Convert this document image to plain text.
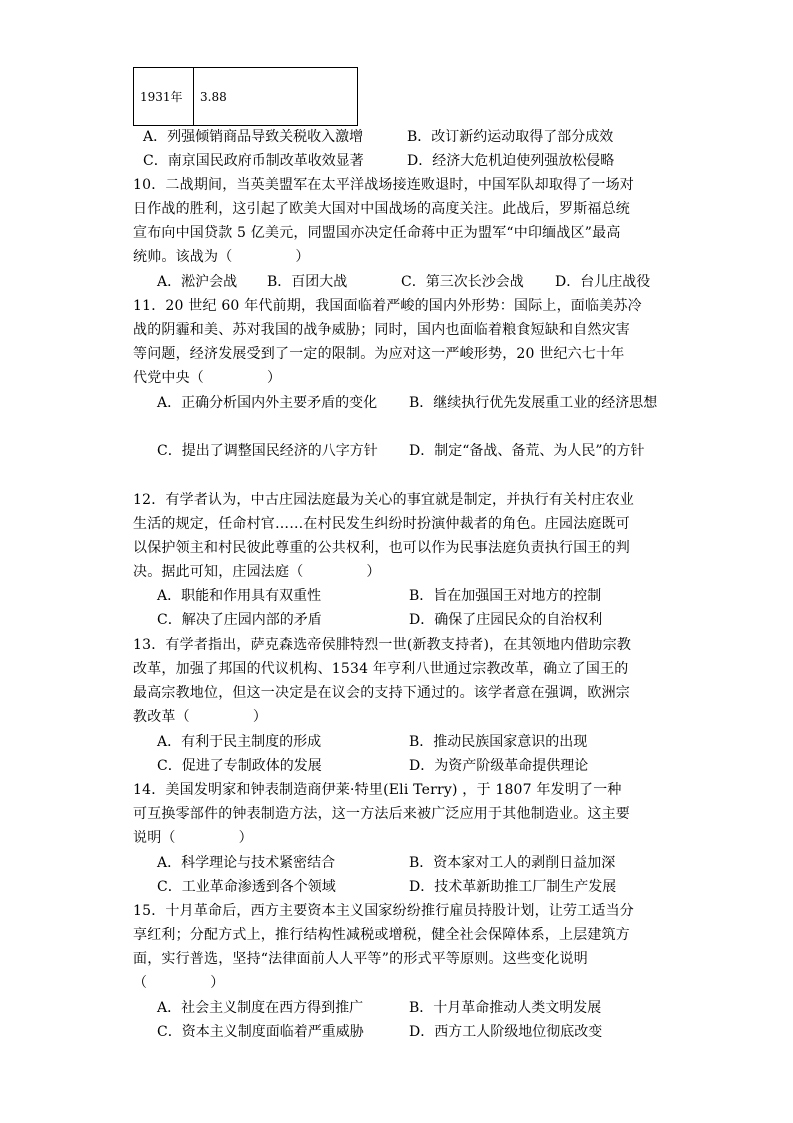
1931年	3.88
A．列强倾销商品导致关税收入激增	B．改订新约运动取得了部分成效
C．南京国民政府币制改革收效显著	D．经济大危机迫使列强放松侵略
10．二战期间，当英美盟军在太平洋战场接连败退时，中国军队却取得了一场对
日作战的胜利，这引起了欧美大国对中国战场的高度关注。此战后，罗斯福总统
宣布向中国贷款 5 亿美元，同盟国亦决定任命蒋中正为盟军“中印缅战区”最高
统帅。该战为（	）
A．淞沪会战 B．百团大战	C．第三次长沙会战 D．台儿庄战役
11．20 世纪 60 年代前期，我国面临着严峻的国内外形势：国际上，面临美苏冷
战的阴霾和美、苏对我国的战争威胁；同时，国内也面临着粮食短缺和自然灾害
等问题，经济发展受到了一定的限制。为应对这一严峻形势，20 世纪六七十年
代党中央（	）
A．正确分析国内外主要矛盾的变化	B．继续执行优先发展重工业的经济思想
C．提出了调整国民经济的八字方针	D．制定“备战、备荒、为人民”的方针
12．有学者认为，中古庄园法庭最为关心的事宜就是制定，并执行有关村庄农业
生活的规定，任命村官……在村民发生纠纷时扮演仲裁者的角色。庄园法庭既可
以保护领主和村民彼此尊重的公共权利，也可以作为民事法庭负责执行国王的判
决。据此可知，庄园法庭（	）
A．职能和作用具有双重性	B．旨在加强国王对地方的控制
C．解决了庄园内部的矛盾	D．确保了庄园民众的自治权利
13．有学者指出，萨克森选帝侯腓特烈一世(新教支持者)，在其领地内借助宗教
改革，加强了邦国的代议机构、1534 年亨利八世通过宗教改革，确立了国王的
最高宗教地位，但这一决定是在议会的支持下通过的。该学者意在强调，欧洲宗
教改革（	）
A．有利于民主制度的形成	B．推动民族国家意识的出现
C．促进了专制政体的发展	D．为资产阶级革命提供理论
14．美国发明家和钟表制造商伊莱·特里(Eli Terry) ，于 1807 年发明了一种
可互换零部件的钟表制造方法，这一方法后来被广泛应用于其他制造业。这主要
说明（	）
A．科学理论与技术紧密结合	B．资本家对工人的剥削日益加深
C．工业革命渗透到各个领域	D．技术革新助推工厂制生产发展
15．十月革命后，西方主要资本主义国家纷纷推行雇员持股计划，让劳工适当分
享红利；分配方式上，推行结构性减税或增税，健全社会保障体系，上层建筑方
面，实行普选，坚持“法律面前人人平等”的形式平等原则。这些变化说明
（	）
A．社会主义制度在西方得到推广	B．十月革命推动人类文明发展
C．资本主义制度面临着严重威胁	D．西方工人阶级地位彻底改变
